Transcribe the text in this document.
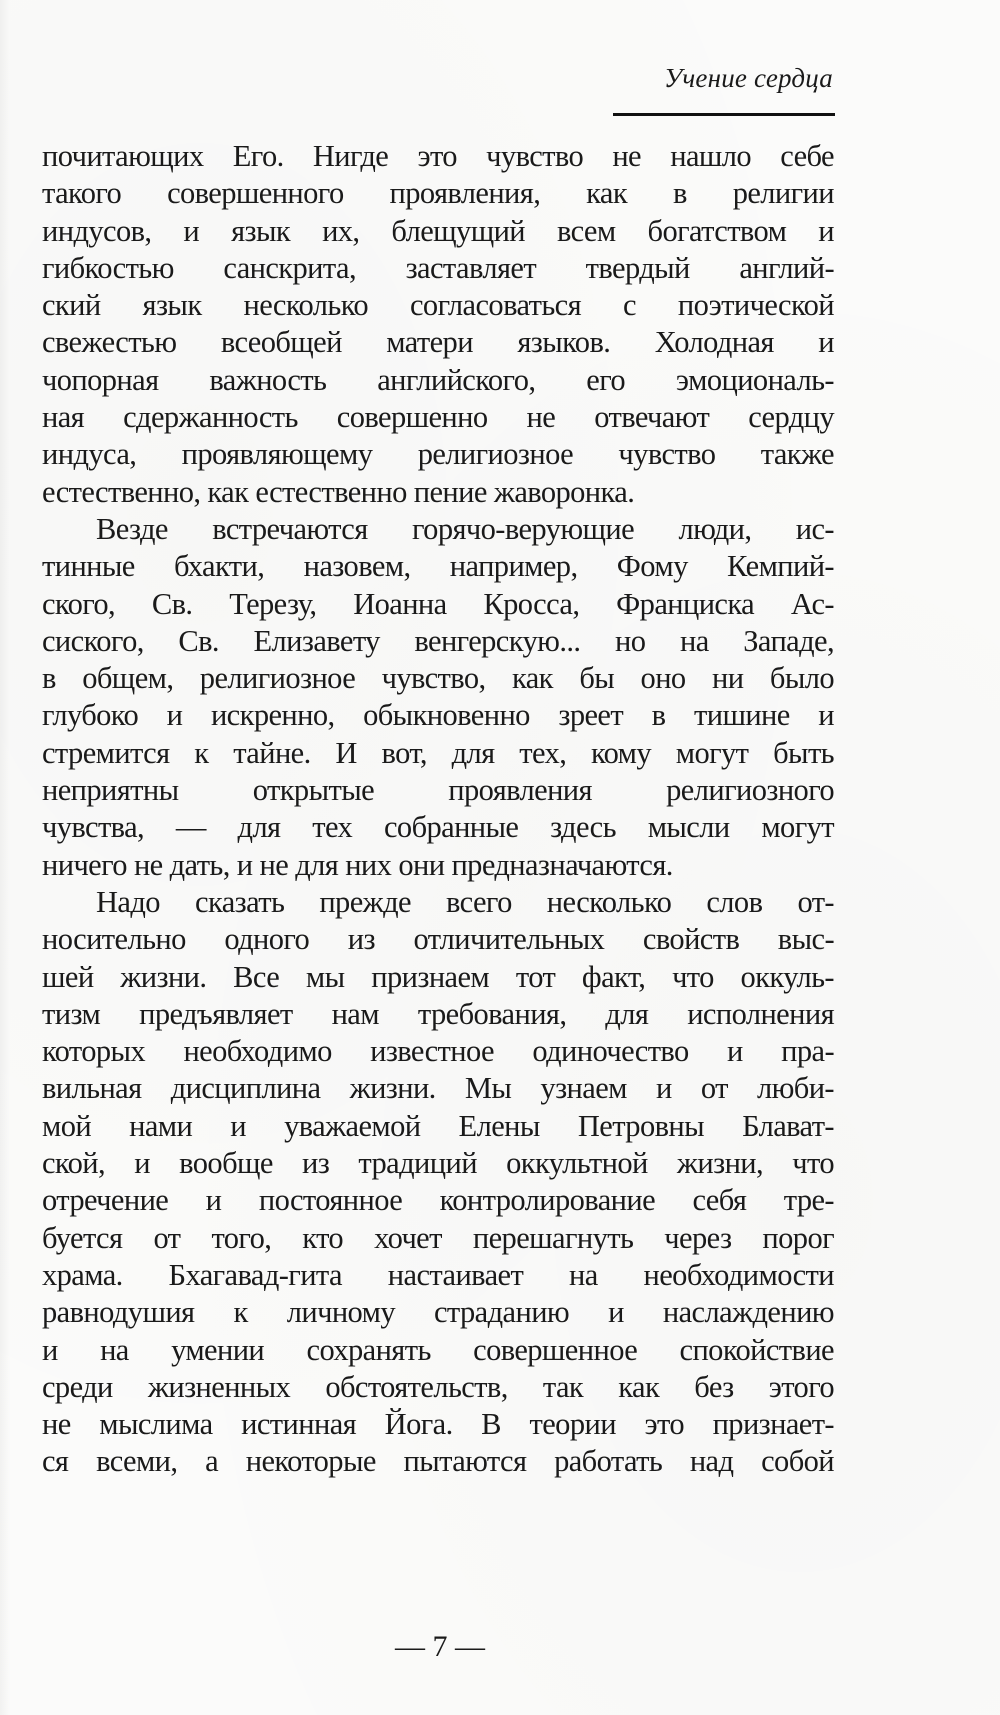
Учение сердца
почитающих Его. Нигде это чувство не нашло себе
такого совершенного проявления, как в религии
индусов, и язык их, блещущий всем богатством и
гибкостью санскрита, заставляет твердый англий-
ский язык несколько согласоваться с поэтической
свежестью всеобщей матери языков. Холодная и
чопорная важность английского, его эмоциональ-
ная сдержанность совершенно не отвечают сердцу
индуса, проявляющему религиозное чувство также
естественно, как естественно пение жаворонка.
Везде встречаются горячо-верующие люди, ис-
тинные бхакти, назовем, например, Фому Кемпий-
ского, Св. Терезу, Иоанна Кросса, Франциска Ас-
сиского, Св. Елизавету венгерскую... но на Западе,
в общем, религиозное чувство, как бы оно ни было
глубоко и искренно, обыкновенно зреет в тишине и
стремится к тайне. И вот, для тех, кому могут быть
неприятны открытые проявления религиозного
чувства, — для тех собранные здесь мысли могут
ничего не дать, и не для них они предназначаются.
Надо сказать прежде всего несколько слов от-
носительно одного из отличительных свойств выс-
шей жизни. Все мы признаем тот факт, что оккуль-
тизм предъявляет нам требования, для исполнения
которых необходимо известное одиночество и пра-
вильная дисциплина жизни. Мы узнаем и от люби-
мой нами и уважаемой Елены Петровны Блават-
ской, и вообще из традиций оккультной жизни, что
отречение и постоянное контролирование себя тре-
буется от того, кто хочет перешагнуть через порог
храма. Бхагавад-гита настаивает на необходимости
равнодушия к личному страданию и наслаждению
и на умении сохранять совершенное спокойствие
среди жизненных обстоятельств, так как без этого
не мыслима истинная Йога. В теории это признает-
ся всеми, а некоторые пытаются работать над собой
— 7 —
